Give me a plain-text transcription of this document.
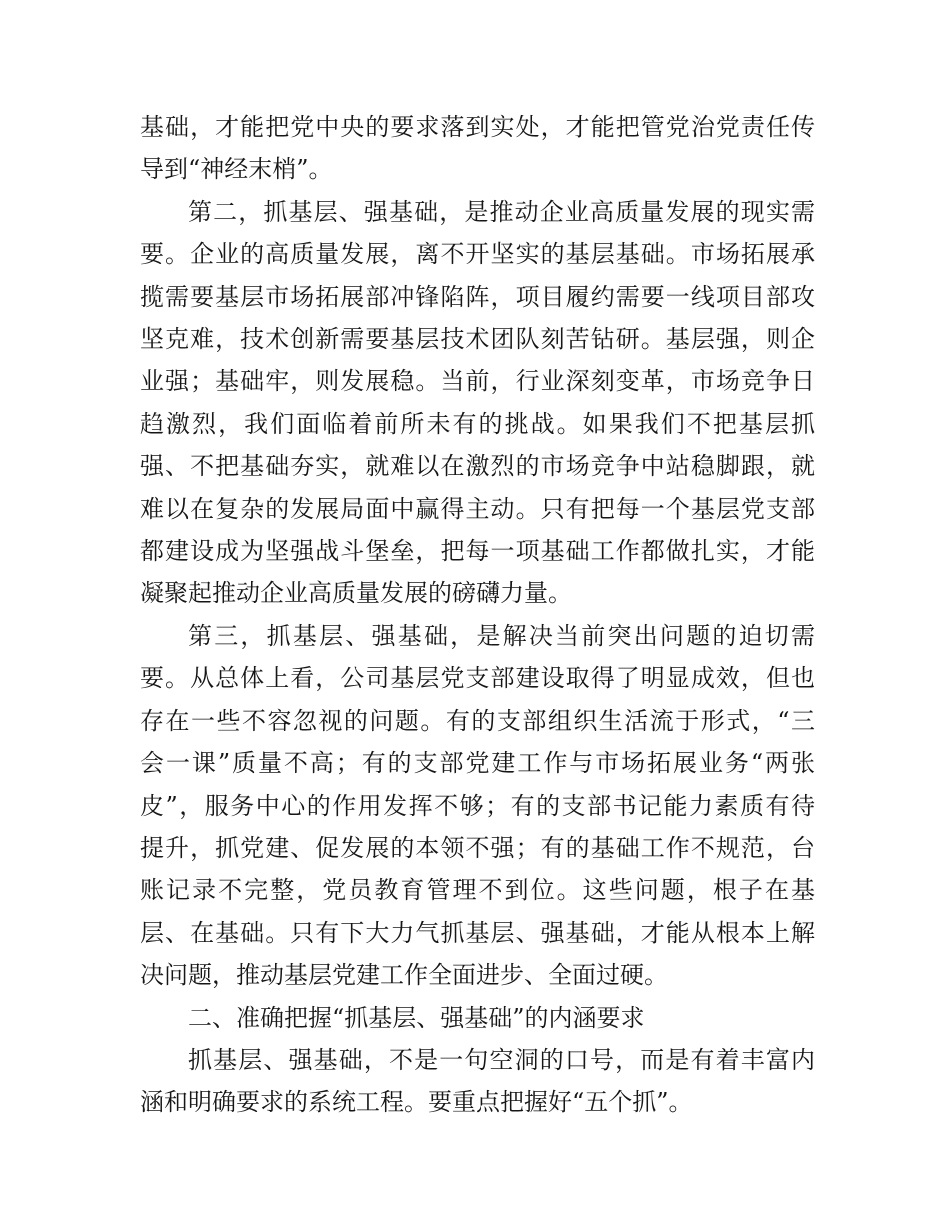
基础，才能把党中央的要求落到实处，才能把管党治党责任传
导到“神经末梢”。
第二，抓基层、强基础，是推动企业高质量发展的现实需
要。企业的高质量发展，离不开坚实的基层基础。市场拓展承
揽需要基层市场拓展部冲锋陷阵，项目履约需要一线项目部攻
坚克难，技术创新需要基层技术团队刻苦钻研。基层强，则企
业强；基础牢，则发展稳。当前，行业深刻变革，市场竞争日
趋激烈，我们面临着前所未有的挑战。如果我们不把基层抓
强、不把基础夯实，就难以在激烈的市场竞争中站稳脚跟，就
难以在复杂的发展局面中赢得主动。只有把每一个基层党支部
都建设成为坚强战斗堡垒，把每一项基础工作都做扎实，才能
凝聚起推动企业高质量发展的磅礴力量。
第三，抓基层、强基础，是解决当前突出问题的迫切需
要。从总体上看，公司基层党支部建设取得了明显成效，但也
存在一些不容忽视的问题。有的支部组织生活流于形式，“三
会一课”质量不高；有的支部党建工作与市场拓展业务“两张
皮”，服务中心的作用发挥不够；有的支部书记能力素质有待
提升，抓党建、促发展的本领不强；有的基础工作不规范，台
账记录不完整，党员教育管理不到位。这些问题，根子在基
层、在基础。只有下大力气抓基层、强基础，才能从根本上解
决问题，推动基层党建工作全面进步、全面过硬。
二、准确把握“抓基层、强基础”的内涵要求
抓基层、强基础，不是一句空洞的口号，而是有着丰富内
涵和明确要求的系统工程。要重点把握好“五个抓”。
